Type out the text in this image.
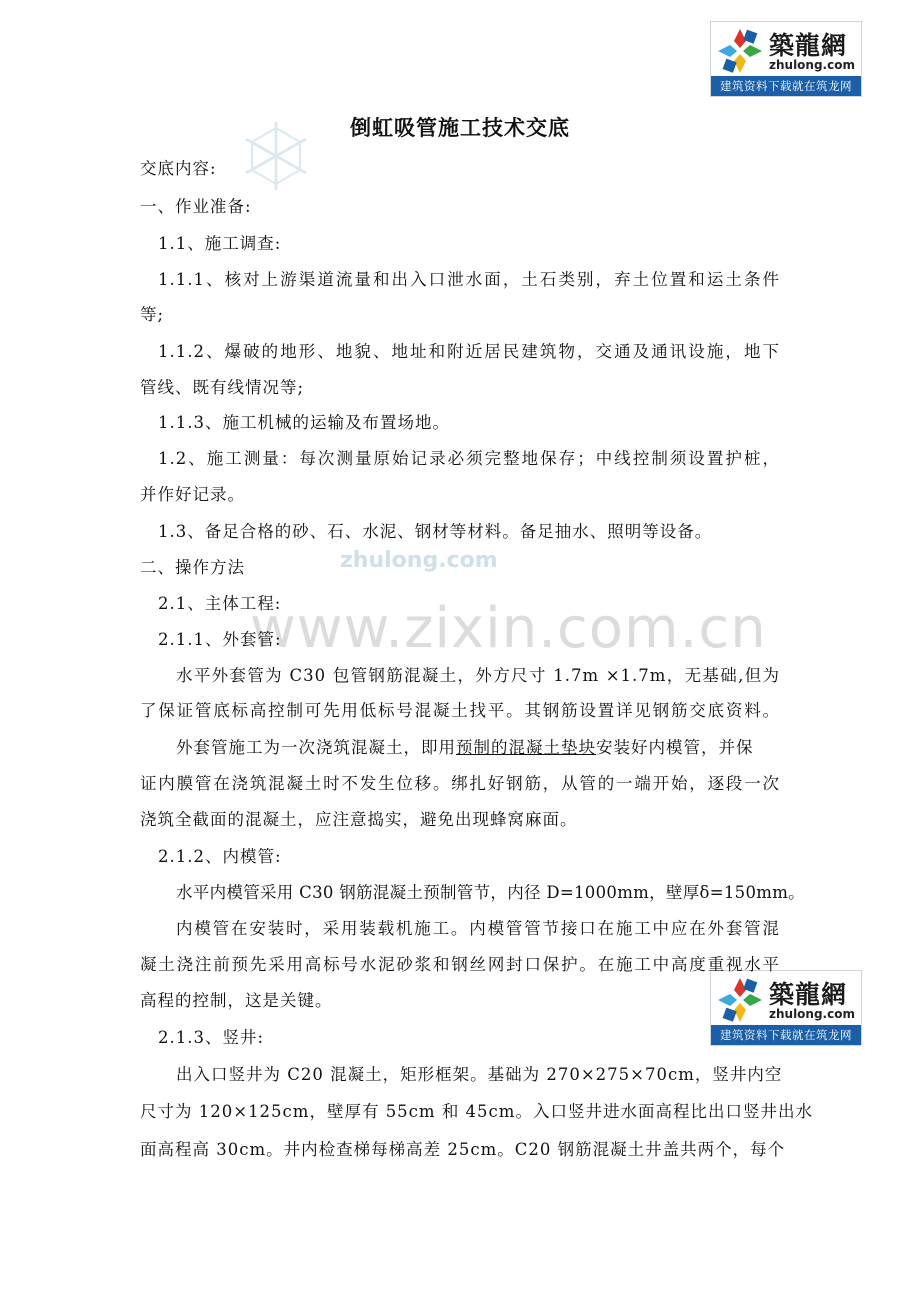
zhulong.com
www.zixin.com.cn
築龍網
zhulong.com
建筑资料下载就在筑龙网
築龍網
zhulong.com
建筑资料下载就在筑龙网
倒虹吸管施工技术交底
交底内容:
一、作业准备:
1.1、施工调查:
1.1.1、核对上游渠道流量和出入口泄水面，土石类别，弃土位置和运土条件
等;
1.1.2、爆破的地形、地貌、地址和附近居民建筑物，交通及通讯设施，地下
管线、既有线情况等;
1.1.3、施工机械的运输及布置场地。
1.2、施工测量：每次测量原始记录必须完整地保存；中线控制须设置护桩，
并作好记录。
1.3、备足合格的砂、石、水泥、钢材等材料。备足抽水、照明等设备。
二、操作方法
2.1、主体工程:
2.1.1、外套管:
水平外套管为 C30 包管钢筋混凝土，外方尺寸 1.7m ×1.7m，无基础,但为
了保证管底标高控制可先用低标号混凝土找平。其钢筋设置详见钢筋交底资料。
外套管施工为一次浇筑混凝土，即用预制的混凝土垫块安装好内模管，并保
证内膜管在浇筑混凝土时不发生位移。绑扎好钢筋，从管的一端开始，逐段一次
浇筑全截面的混凝土，应注意捣实，避免出现蜂窝麻面。
2.1.2、内模管:
水平内模管采用 C30 钢筋混凝土预制管节，内径 D=1000mm，壁厚δ=150mm。
内模管在安装时，采用装载机施工。内模管管节接口在施工中应在外套管混
凝土浇注前预先采用高标号水泥砂浆和钢丝网封口保护。在施工中高度重视水平
高程的控制，这是关键。
2.1.3、竖井:
出入口竖井为 C20 混凝土，矩形框架。基础为 270×275×70cm，竖井内空
尺寸为 120×125cm，壁厚有 55cm 和 45cm。入口竖井进水面高程比出口竖井出水
面高程高 30cm。井内检查梯每梯高差 25cm。C20 钢筋混凝土井盖共两个，每个
